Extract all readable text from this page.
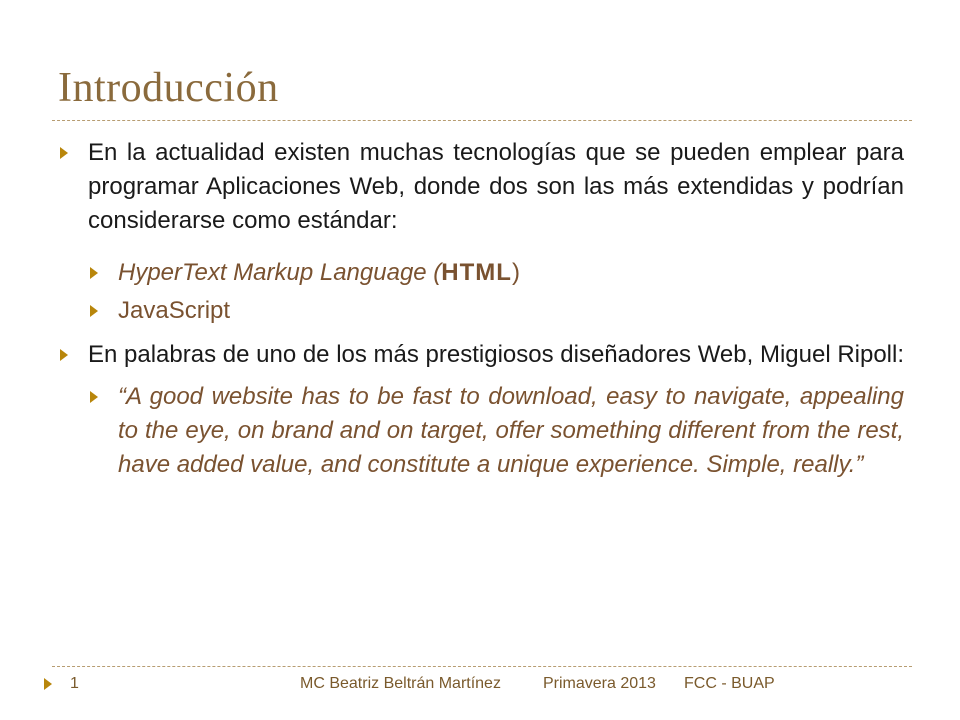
Introducción
En la actualidad existen muchas tecnologías que se pueden emplear para programar Aplicaciones Web, donde dos son las más extendidas y podrían considerarse como estándar:
HyperText Markup Language (HTML)
JavaScript
En palabras de uno de los más prestigiosos diseñadores Web, Miguel Ripoll:
“A good website has to be fast to download, easy to navigate, appealing to the eye, on brand and on target, offer something different from the rest, have added value, and constitute a unique experience. Simple, really.”
1	MC Beatriz Beltrán Martínez	Primavera 2013 FCC - BUAP
